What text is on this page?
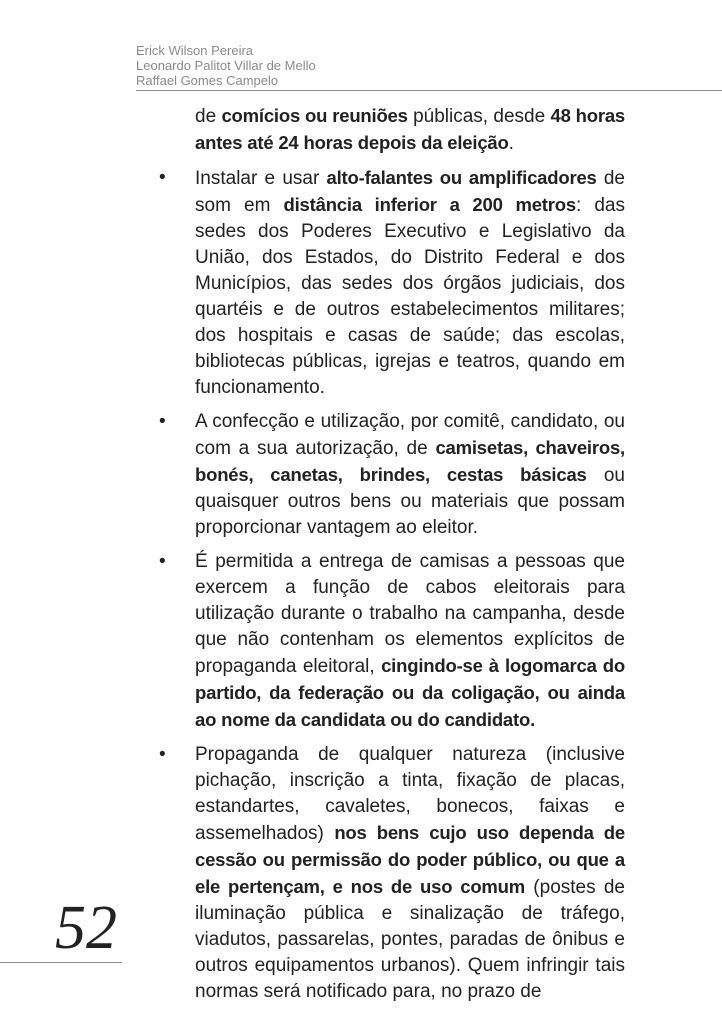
Erick Wilson Pereira
Leonardo Palitot Villar de Mello
Raffael Gomes Campelo

de comícios ou reuniões públicas, desde 48 horas antes até 24 horas depois da eleição.

• Instalar e usar alto-falantes ou amplificadores de som em distância inferior a 200 metros: das sedes dos Poderes Executivo e Legislativo da União, dos Estados, do Distrito Federal e dos Municípios, das sedes dos órgãos judiciais, dos quartéis e de outros estabelecimentos militares; dos hospitais e casas de saúde; das escolas, bibliotecas públicas, igrejas e teatros, quando em funcionamento.

• A confecção e utilização, por comitê, candidato, ou com a sua autorização, de camisetas, chaveiros, bonés, canetas, brindes, cestas básicas ou quaisquer outros bens ou materiais que possam proporcionar vantagem ao eleitor.

• É permitida a entrega de camisas a pessoas que exercem a função de cabos eleitorais para utilização durante o trabalho na campanha, desde que não contenham os elementos explícitos de propaganda eleitoral, cingindo-se à logomarca do partido, da federação ou da coligação, ou ainda ao nome da candidata ou do candidato.

• Propaganda de qualquer natureza (inclusive pichação, inscrição a tinta, fixação de placas, estandartes, cavaletes, bonecos, faixas e assemelhados) nos bens cujo uso dependa de cessão ou permissão do poder público, ou que a ele pertençam, e nos de uso comum (postes de iluminação pública e sinalização de tráfego, viadutos, passarelas, pontes, paradas de ônibus e outros equipamentos urbanos). Quem infringir tais normas será notificado para, no prazo de

52
